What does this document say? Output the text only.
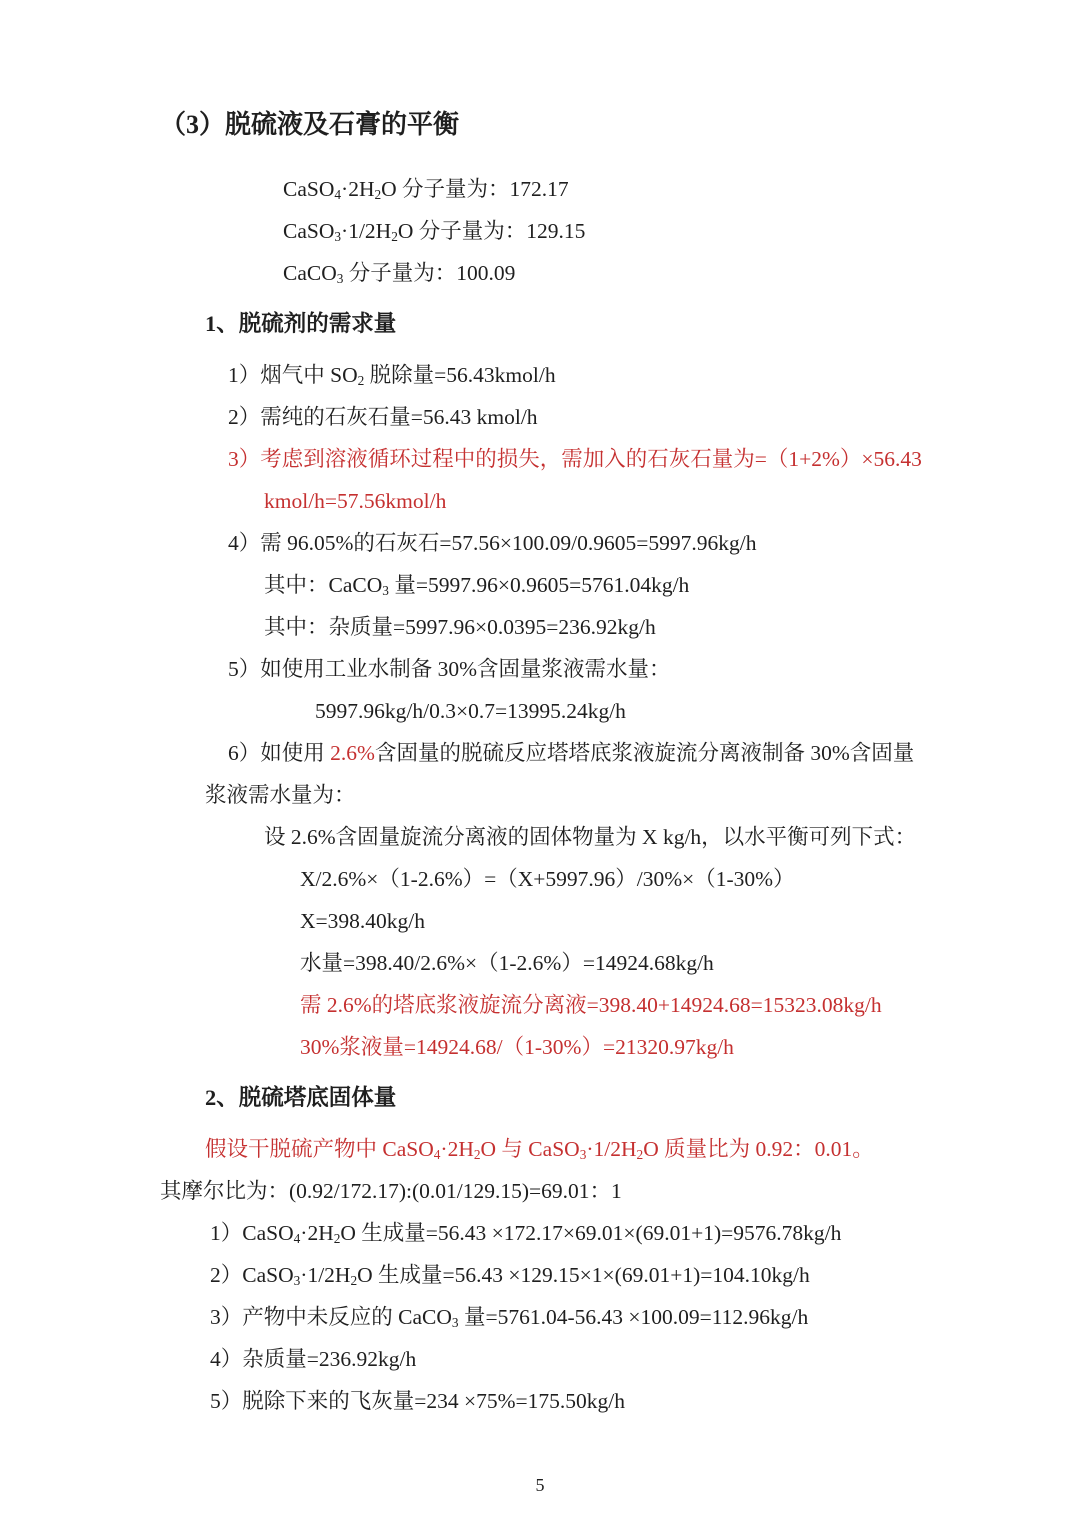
（3）脱硫液及石膏的平衡
$CaSO_4\cdot 2H_2O$ 分子量为：172.17
$CaSO_3\cdot 1/2H_2O$ 分子量为：129.15
CaCO$_3$ 分子量为：100.09
1、脱硫剂的需求量
1）烟气中 $SO_2$ 脱除量=56.43kmol/h
2）需纯的石灰石量=56.43 kmol/h
3）考虑到溶液循环过程中的损失，需加入的石灰石量为=（1+2%）×56.43
kmol/h=57.56kmol/h
4）需 96.05%的石灰石=57.56×100.09/0.9605=5997.96kg/h
其中：CaCO$_3$ 量=5997.96×0.9605=5761.04kg/h
其中：杂质量=5997.96×0.0395=236.92kg/h
5）如使用工业水制备 30%含固量浆液需水量：
5997.96kg/h/0.3×0.7=13995.24kg/h
6）如使用 2.6%含固量的脱硫反应塔塔底浆液旋流分离液制备 30%含固量
浆液需水量为：
设 2.6%含固量旋流分离液的固体物量为 X kg/h，以水平衡可列下式：
X/2.6%×（1-2.6%）=（X+5997.96）/30%×（1-30%）
X=398.40kg/h
水量=398.40/2.6%×（1-2.6%）=14924.68kg/h
需 2.6%的塔底浆液旋流分离液=398.40+14924.68=15323.08kg/h
30%浆液量=14924.68/（1-30%）=21320.97kg/h
2、脱硫塔底固体量
假设干脱硫产物中 $CaSO_4\cdot 2H_2O$ 与 $CaSO_3\cdot 1/2H_2O$ 质量比为 0.92：0.01。
其摩尔比为：(0.92/172.17):(0.01/129.15)=69.01：1
$1)CaSO_4\cdot 2H_2O$ 生成量=56.43 ×172.17×69.01×(69.01+1)=9576.78kg/h
$2)CaSO_3\cdot 1/2H_2O$ 生成量=56.43 ×129.15×1×(69.01+1)=104.10kg/h
3）产物中未反应的 CaCO$_3$ 量=5761.04-56.43 ×100.09=112.96kg/h
4）杂质量=236.92kg/h
5）脱除下来的飞灰量=234 ×75%=175.50kg/h
5
